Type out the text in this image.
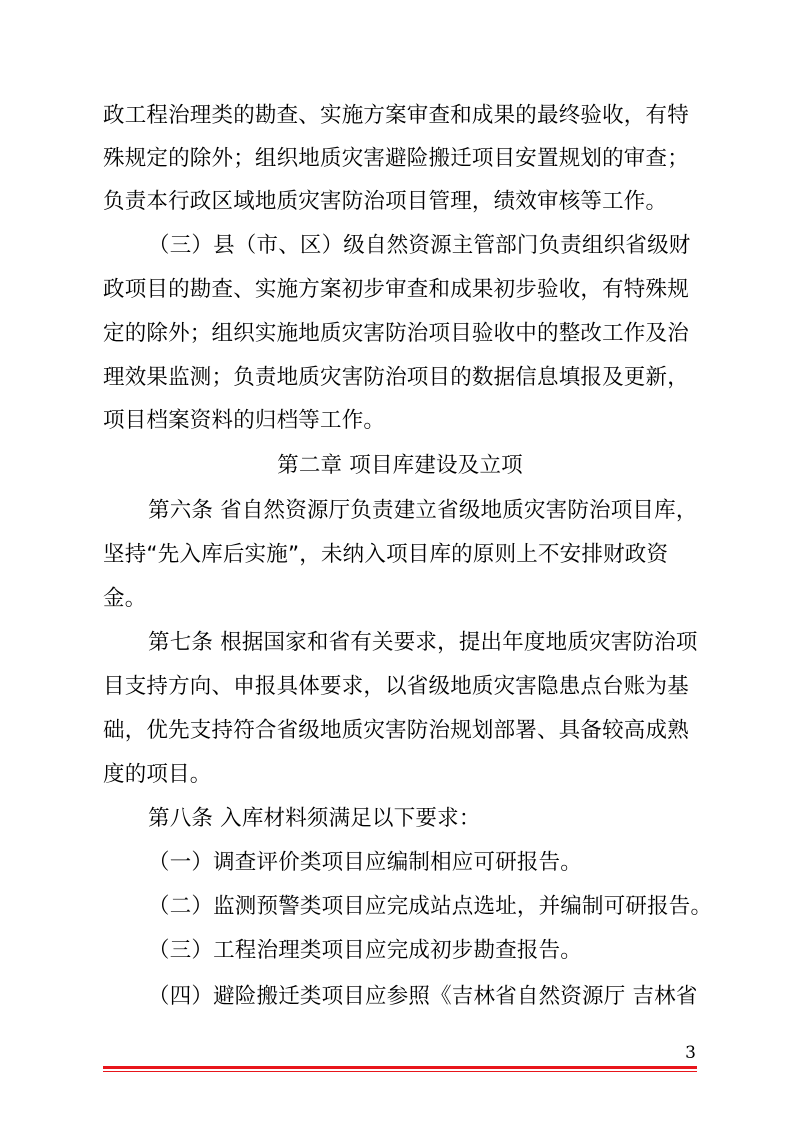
政工程治理类的勘查、实施方案审查和成果的最终验收，有特
殊规定的除外；组织地质灾害避险搬迁项目安置规划的审查；
负责本行政区域地质灾害防治项目管理，绩效审核等工作。
（三）县（市、区）级自然资源主管部门负责组织省级财
政项目的勘查、实施方案初步审查和成果初步验收，有特殊规
定的除外；组织实施地质灾害防治项目验收中的整改工作及治
理效果监测；负责地质灾害防治项目的数据信息填报及更新，
项目档案资料的归档等工作。
第二章 项目库建设及立项
第六条 省自然资源厅负责建立省级地质灾害防治项目库，
坚持“先入库后实施”，未纳入项目库的原则上不安排财政资
金。
第七条 根据国家和省有关要求，提出年度地质灾害防治项
目支持方向、申报具体要求，以省级地质灾害隐患点台账为基
础，优先支持符合省级地质灾害防治规划部署、具备较高成熟
度的项目。
第八条 入库材料须满足以下要求：
（一）调查评价类项目应编制相应可研报告。
（二）监测预警类项目应完成站点选址，并编制可研报告。
（三）工程治理类项目应完成初步勘查报告。
（四）避险搬迁类项目应参照《吉林省自然资源厅 吉林省
3
